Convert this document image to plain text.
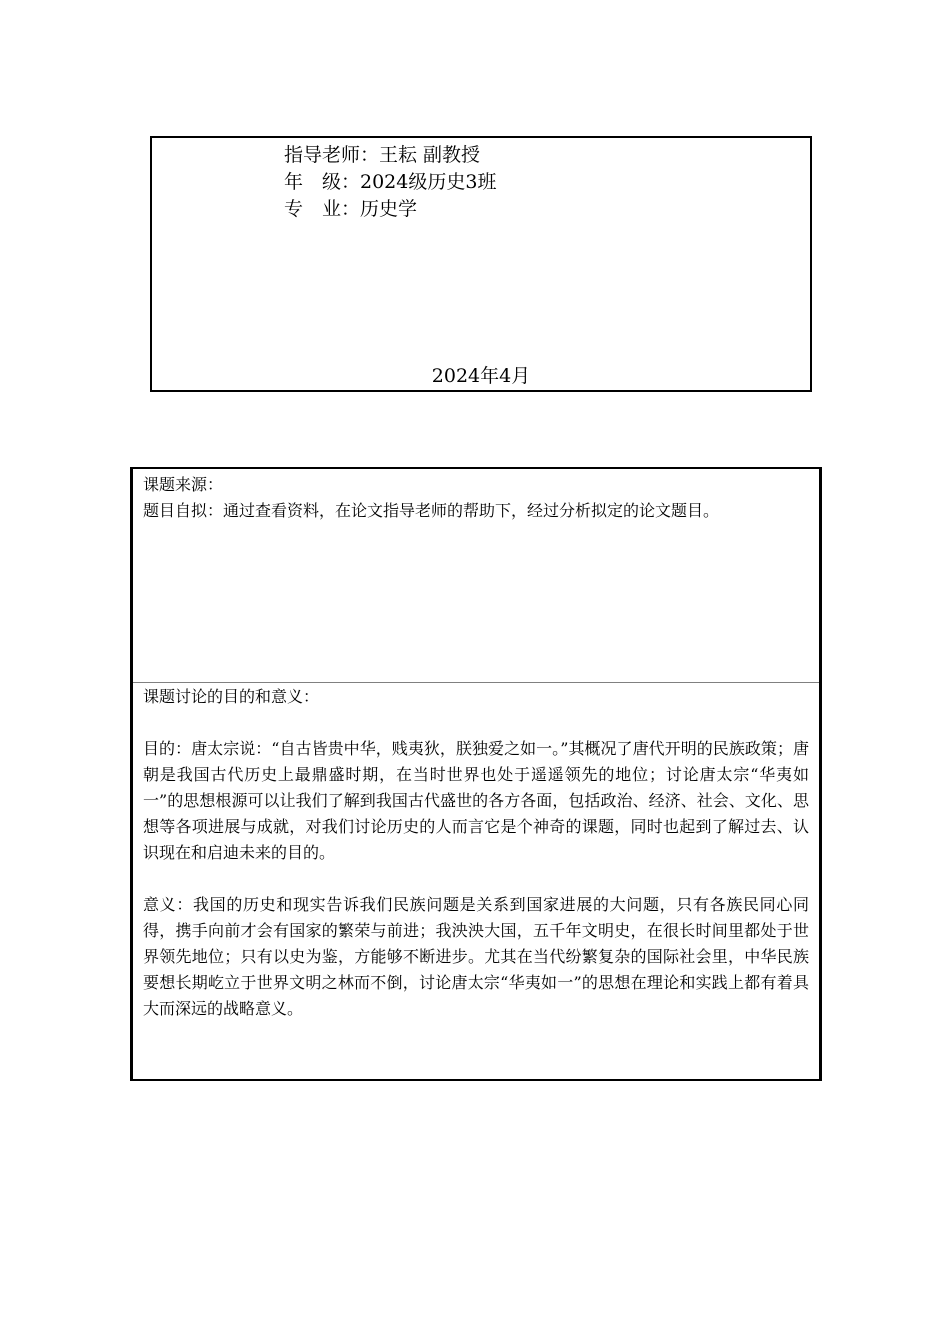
指导老师：王耘 副教授
年　级：2024级历史3班
专　业：历史学
2024年4月
课题来源：

题目自拟：通过查看资料，在论文指导老师的帮助下，经过分析拟定的论文题目。

课题讨论的目的和意义：

目的：唐太宗说：“自古皆贵中华，贱夷狄，朕独爱之如一。”其概况了唐代开明的民族政策；唐朝是我国古代历史上最鼎盛时期，在当时世界也处于遥遥领先的地位；讨论唐太宗“华夷如一”的思想根源可以让我们了解到我国古代盛世的各方各面，包括政治、经济、社会、文化、思想等各项进展与成就，对我们讨论历史的人而言它是个神奇的课题，同时也起到了解过去、认识现在和启迪未来的目的。

意义：我国的历史和现实告诉我们民族问题是关系到国家进展的大问题，只有各族民同心同得，携手向前才会有国家的繁荣与前进；我泱泱大国，五千年文明史，在很长时间里都处于世界领先地位；只有以史为鉴，方能够不断进步。尤其在当代纷繁复杂的国际社会里，中华民族要想长期屹立于世界文明之林而不倒，讨论唐太宗“华夷如一”的思想在理论和实践上都有着具大而深远的战略意义。
